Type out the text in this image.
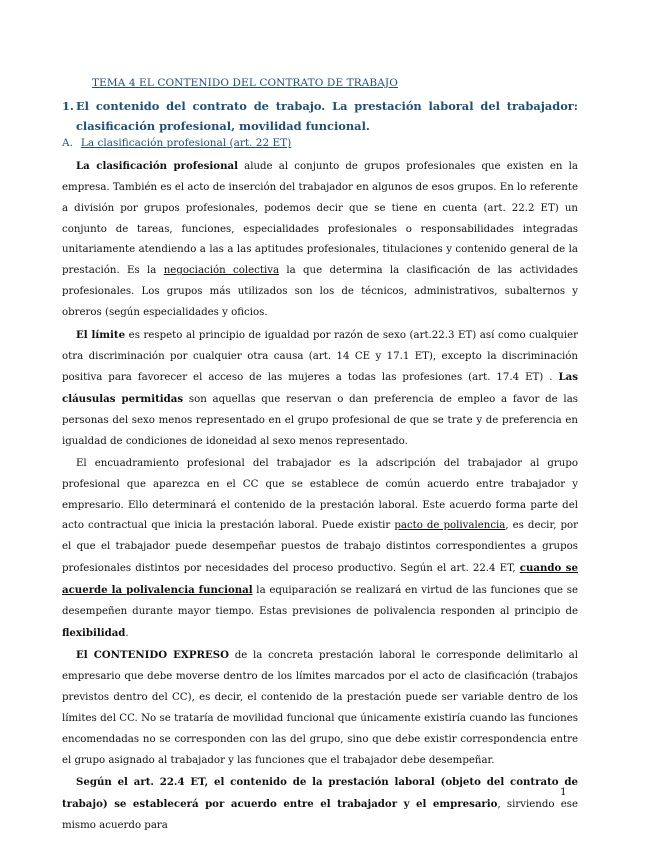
TEMA 4 EL CONTENIDO DEL CONTRATO DE TRABAJO
1. El contenido del contrato de trabajo. La prestación laboral del trabajador: clasificación profesional, movilidad funcional.
A. La clasificación profesional (art. 22 ET)

La clasificación profesional alude al conjunto de grupos profesionales que existen en la empresa. También es el acto de inserción del trabajador en algunos de esos grupos. En lo referente a división por grupos profesionales, podemos decir que se tiene en cuenta (art. 22.2 ET) un conjunto de tareas, funciones, especialidades profesionales o responsabilidades integradas unitariamente atendiendo a las a las aptitudes profesionales, titulaciones y contenido general de la prestación. Es la negociación colectiva la que determina la clasificación de las actividades profesionales. Los grupos más utilizados son los de técnicos, administrativos, subalternos y obreros (según especialidades y oficios.

El límite es respeto al principio de igualdad por razón de sexo (art.22.3 ET) así como cualquier otra discriminación por cualquier otra causa (art. 14 CE y 17.1 ET), excepto la discriminación positiva para favorecer el acceso de las mujeres a todas las profesiones (art. 17.4 ET) . Las cláusulas permitidas son aquellas que reservan o dan preferencia de empleo a favor de las personas del sexo menos representado en el grupo profesional de que se trate y de preferencia en igualdad de condiciones de idoneidad al sexo menos representado.

El encuadramiento profesional del trabajador es la adscripción del trabajador al grupo profesional que aparezca en el CC que se establece de común acuerdo entre trabajador y empresario. Ello determinará el contenido de la prestación laboral. Este acuerdo forma parte del acto contractual que inicia la prestación laboral. Puede existir pacto de polivalencia, es decir, por el que el trabajador puede desempeñar puestos de trabajo distintos correspondientes a grupos profesionales distintos por necesidades del proceso productivo. Según el art. 22.4 ET, cuando se acuerde la polivalencia funcional la equiparación se realizará en virtud de las funciones que se desempeñen durante mayor tiempo. Estas previsiones de polivalencia responden al principio de flexibilidad.

El CONTENIDO EXPRESO de la concreta prestación laboral le corresponde delimitarlo al empresario que debe moverse dentro de los límites marcados por el acto de clasificación (trabajos previstos dentro del CC), es decir, el contenido de la prestación puede ser variable dentro de los límites del CC. No se trataría de movilidad funcional que únicamente existiría cuando las funciones encomendadas no se corresponden con las del grupo, sino que debe existir correspondencia entre el grupo asignado al trabajador y las funciones que el trabajador debe desempeñar.

Según el art. 22.4 ET, el contenido de la prestación laboral (objeto del contrato de trabajo) se establecerá por acuerdo entre el trabajador y el empresario, sirviendo ese mismo acuerdo para

1
